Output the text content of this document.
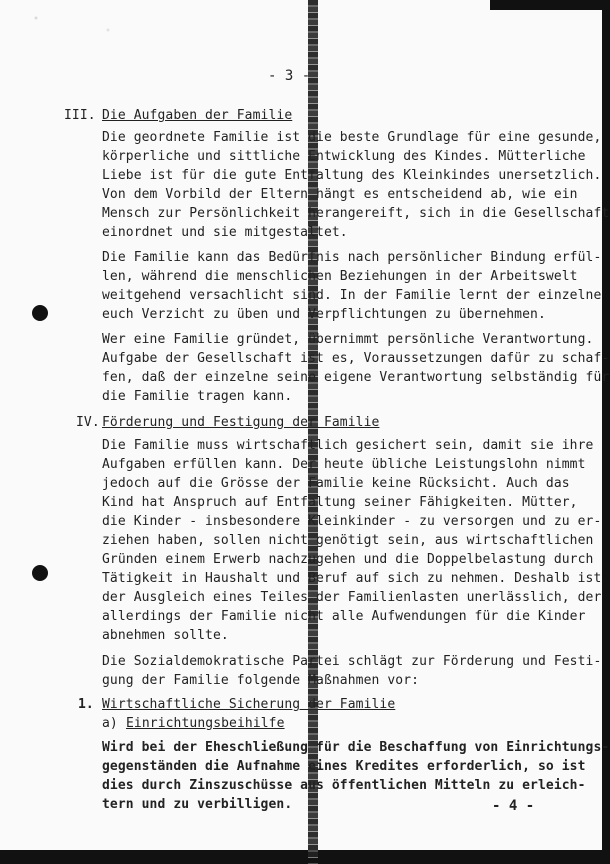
- 3 -
III. Die Aufgaben der Familie
Die geordnete Familie ist die beste Grundlage für eine gesunde,
körperliche und sittliche Entwicklung des Kindes. Mütterliche
Liebe ist für die gute Entfaltung des Kleinkindes unersetzlich.
Von dem Vorbild der Eltern hängt es entscheidend ab, wie ein
Mensch zur Persönlichkeit herangereift, sich in die Gesellschaft
einordnet und sie mitgestaltet.
Die Familie kann das Bedürfnis nach persönlicher Bindung erfül-
len, während die menschlichen Beziehungen in der Arbeitswelt
weitgehend versachlicht sind. In der Familie lernt der einzelne
euch Verzicht zu üben und Verpflichtungen zu übernehmen.
Wer eine Familie gründet, übernimmt persönliche Verantwortung.
Aufgabe der Gesellschaft ist es, Voraussetzungen dafür zu schaf-
fen, daß der einzelne seine eigene Verantwortung selbständig für
die Familie tragen kann.
IV. Förderung und Festigung der Familie
Die Familie muss wirtschaftlich gesichert sein, damit sie ihre
Aufgaben erfüllen kann. Der heute übliche Leistungslohn nimmt
jedoch auf die Grösse der Familie keine Rücksicht. Auch das
Kind hat Anspruch auf Entfaltung seiner Fähigkeiten. Mütter,
die Kinder - insbesondere Kleinkinder - zu versorgen und zu er-
ziehen haben, sollen nicht genötigt sein, aus wirtschaftlichen
Gründen einem Erwerb nachzugehen und die Doppelbelastung durch
Tätigkeit in Haushalt und Beruf auf sich zu nehmen. Deshalb ist
der Ausgleich eines Teiles der Familienlasten unerlässlich, der
allerdings der Familie nicht alle Aufwendungen für die Kinder
abnehmen sollte.
Die Sozialdemokratische Partei schlägt zur Förderung und Festi-
gung der Familie folgende Maßnahmen vor:
1. Wirtschaftliche Sicherung der Familie
a) Einrichtungsbeihilfe
Wird bei der Eheschließung für die Beschaffung von Einrichtungs-
gegenständen die Aufnahme eines Kredites erforderlich, so ist
dies durch Zinszuschüsse aus öffentlichen Mitteln zu erleich-
tern und zu verbilligen.	- 4 -
